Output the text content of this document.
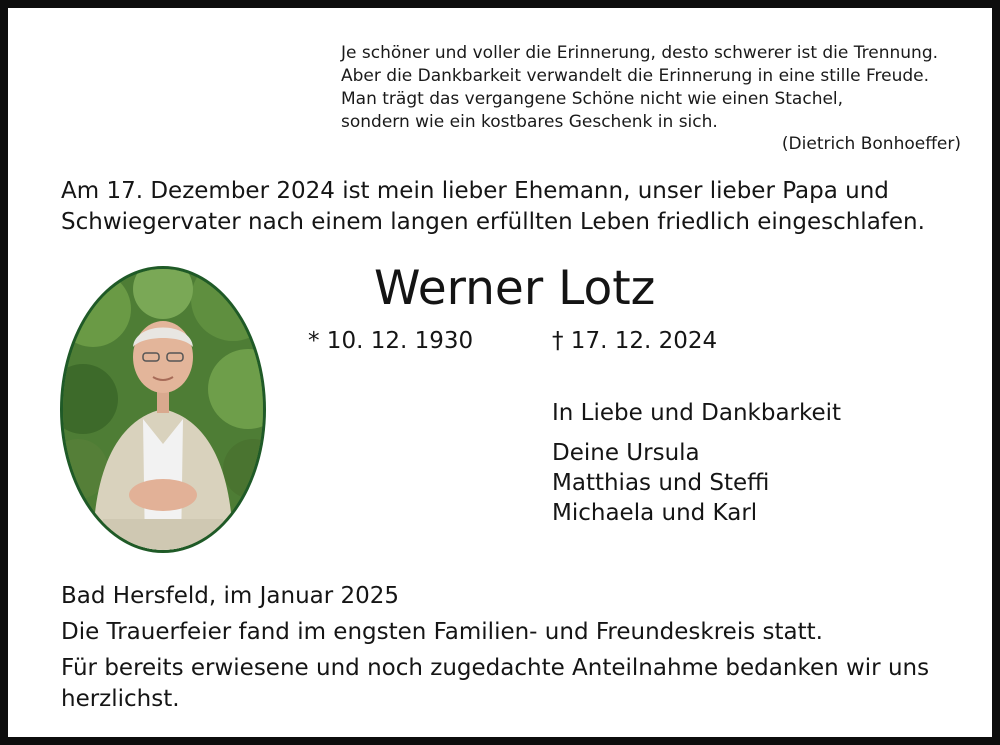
Je schöner und voller die Erinnerung, desto schwerer ist die Trennung.
Aber die Dankbarkeit verwandelt die Erinnerung in eine stille Freude.
Man trägt das vergangene Schöne nicht wie einen Stachel,
sondern wie ein kostbares Geschenk in sich.
(Dietrich Bonhoeffer)
Am 17. Dezember 2024 ist mein lieber Ehemann, unser lieber Papa und
Schwiegervater nach einem langen erfüllten Leben friedlich eingeschlafen.
Werner Lotz
* 10. 12. 1930	† 17. 12. 2024
In Liebe und Dankbarkeit
Deine Ursula
Matthias und Steffi
Michaela und Karl
Bad Hersfeld, im Januar 2025
Die Trauerfeier fand im engsten Familien- und Freundeskreis statt.
Für bereits erwiesene und noch zugedachte Anteilnahme bedanken wir uns
herzlichst.
